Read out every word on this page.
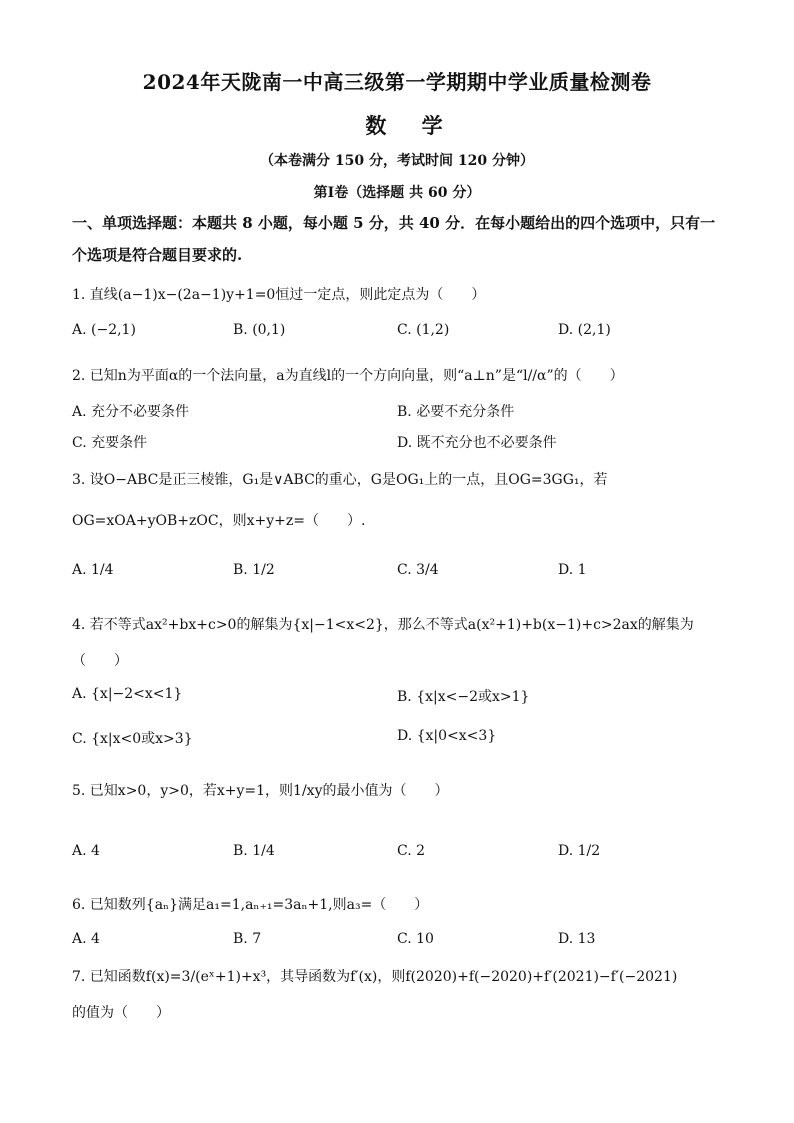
2024年天陇南一中高三级第一学期期中学业质量检测卷
数 学
（本卷满分 150 分，考试时间 120 分钟）
第Ⅰ卷（选择题 共 60 分）
一、单项选择题：本题共 8 小题，每小题 5 分，共 40 分．在每小题给出的四个选项中，只有一个选项是符合题目要求的.
1. 直线(a−1)x−(2a−1)y+1=0恒过一定点，则此定点为（　　）
A. (−2,1)	B. (0,1)	C. (1,2)	D. (2,1)
2. 已知n为平面α的一个法向量，a为直线l的一个方向向量，则“a⊥n”是“l//α”的（　　）
A. 充分不必要条件	B. 必要不充分条件
C. 充要条件	D. 既不充分也不必要条件
3. 设O−ABC是正三棱锥，G₁是∨ABC的重心，G是OG₁上的一点，且OG=3GG₁，若
OG=xOA+yOB+zOC，则x+y+z=（　　）.
A. 1/4	B. 1/2	C. 3/4	D. 1
4. 若不等式ax²+bx+c>0的解集为{x|−1<x<2}，那么不等式a(x²+1)+b(x−1)+c>2ax的解集为
（　　）
A. {x|−2<x<1}	B. {x|x<−2或x>1}
C. {x|x<0或x>3}	D. {x|0<x<3}
5. 已知x>0，y>0，若x+y=1，则1/xy的最小值为（　　）
A. 4	B. 1/4	C. 2	D. 1/2
6. 已知数列{aₙ}满足a₁=1,aₙ₊₁=3aₙ+1,则a₃=（　　）
A. 4	B. 7	C. 10	D. 13
7. 已知函数f(x)=3/(eˣ+1)+x³，其导函数为f′(x)，则f(2020)+f(−2020)+f′(2021)−f′(−2021)
的值为（　　）
